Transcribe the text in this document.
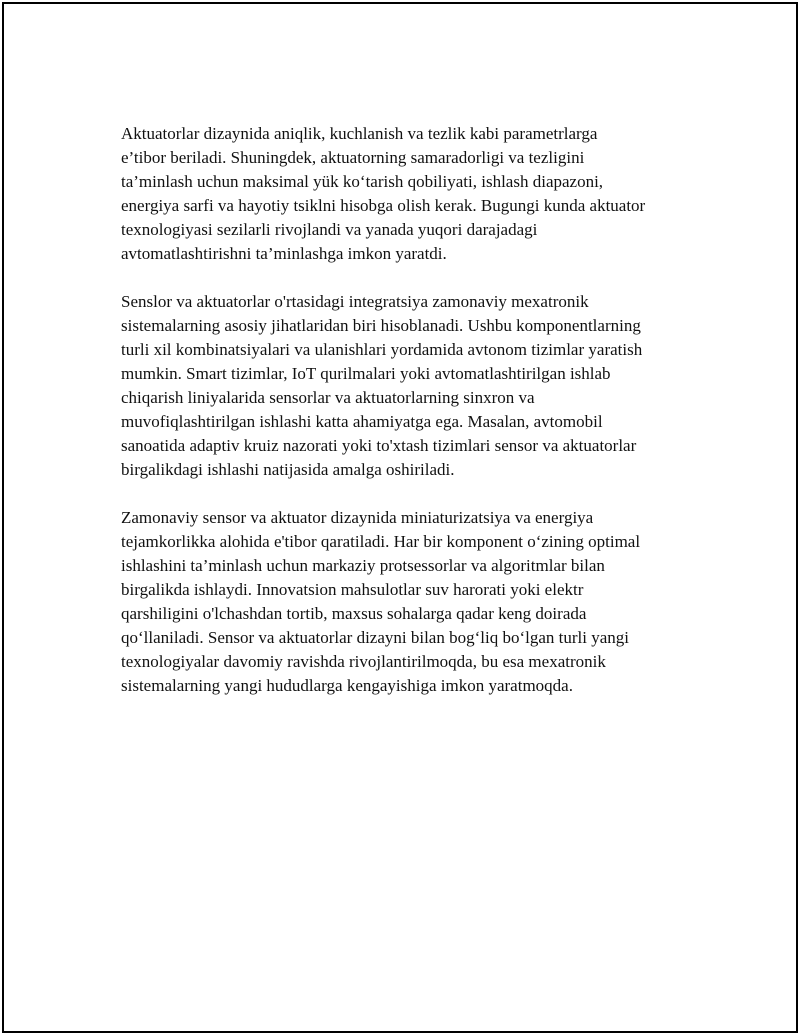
Aktuatorlar dizaynida aniqlik, kuchlanish va tezlik kabi parametrlarga
e’tibor beriladi. Shuningdek, aktuatorning samaradorligi va tezligini
ta’minlash uchun maksimal yük koʻtarish qobiliyati, ishlash diapazoni,
energiya sarfi va hayotiy tsiklni hisobga olish kerak. Bugungi kunda aktuator
texnologiyasi sezilarli rivojlandi va yanada yuqori darajadagi
avtomatlashtirishni ta’minlashga imkon yaratdi.

Senslor va aktuatorlar o'rtasidagi integratsiya zamonaviy mexatronik
sistemalarning asosiy jihatlaridan biri hisoblanadi. Ushbu komponentlarning
turli xil kombinatsiyalari va ulanishlari yordamida avtonom tizimlar yaratish
mumkin. Smart tizimlar, IoT qurilmalari yoki avtomatlashtirilgan ishlab
chiqarish liniyalarida sensorlar va aktuatorlarning sinxron va
muvofiqlashtirilgan ishlashi katta ahamiyatga ega. Masalan, avtomobil
sanoatida adaptiv kruiz nazorati yoki to'xtash tizimlari sensor va aktuatorlar
birgalikdagi ishlashi natijasida amalga oshiriladi.

Zamonaviy sensor va aktuator dizaynida miniaturizatsiya va energiya
tejamkorlikka alohida e'tibor qaratiladi. Har bir komponent oʻzining optimal
ishlashini ta’minlash uchun markaziy protsessorlar va algoritmlar bilan
birgalikda ishlaydi. Innovatsion mahsulotlar suv harorati yoki elektr
qarshiligini o'lchashdan tortib, maxsus sohalarga qadar keng doirada
qoʻllaniladi. Sensor va aktuatorlar dizayni bilan bogʻliq boʻlgan turli yangi
texnologiyalar davomiy ravishda rivojlantirilmoqda, bu esa mexatronik
sistemalarning yangi hududlarga kengayishiga imkon yaratmoqda.
